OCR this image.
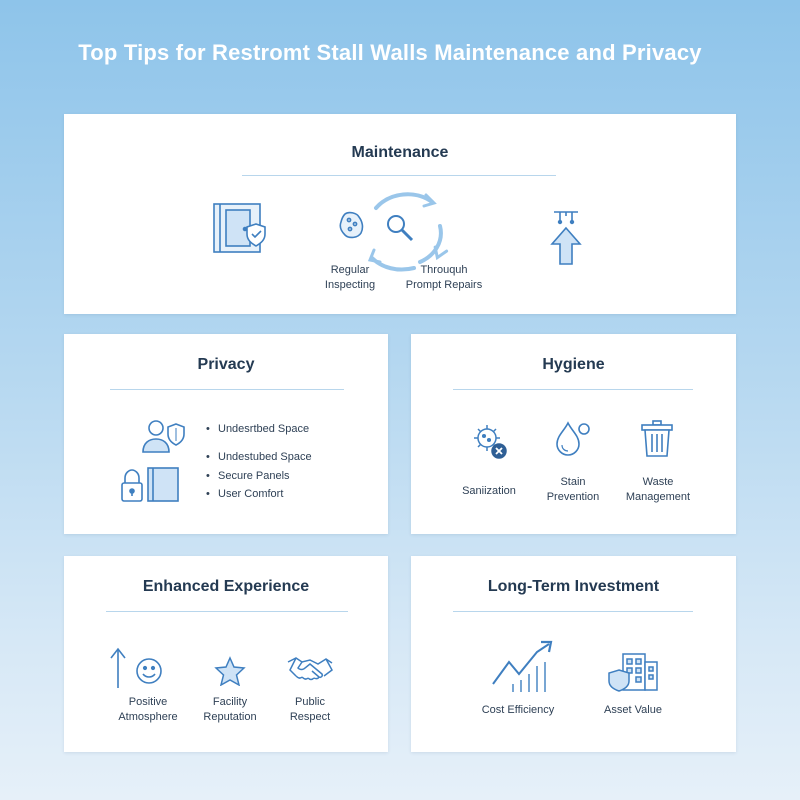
Top Tips for Restromt Stall Walls Maintenance and Privacy
Maintenance
Regular
Inspecting
Throuquh
Prompt Repairs
Privacy
• Undesrtbed Space
• Undestubed Space
• Secure Panels
• User Comfort
Hygiene
Saniization
Stain
Prevention
Waste
Management
Enhanced Experience
Positive
Atmosphere
Facility
Reputation
Public
Respect
Long-Term Investment
Cost Efficiency	Asset Value
